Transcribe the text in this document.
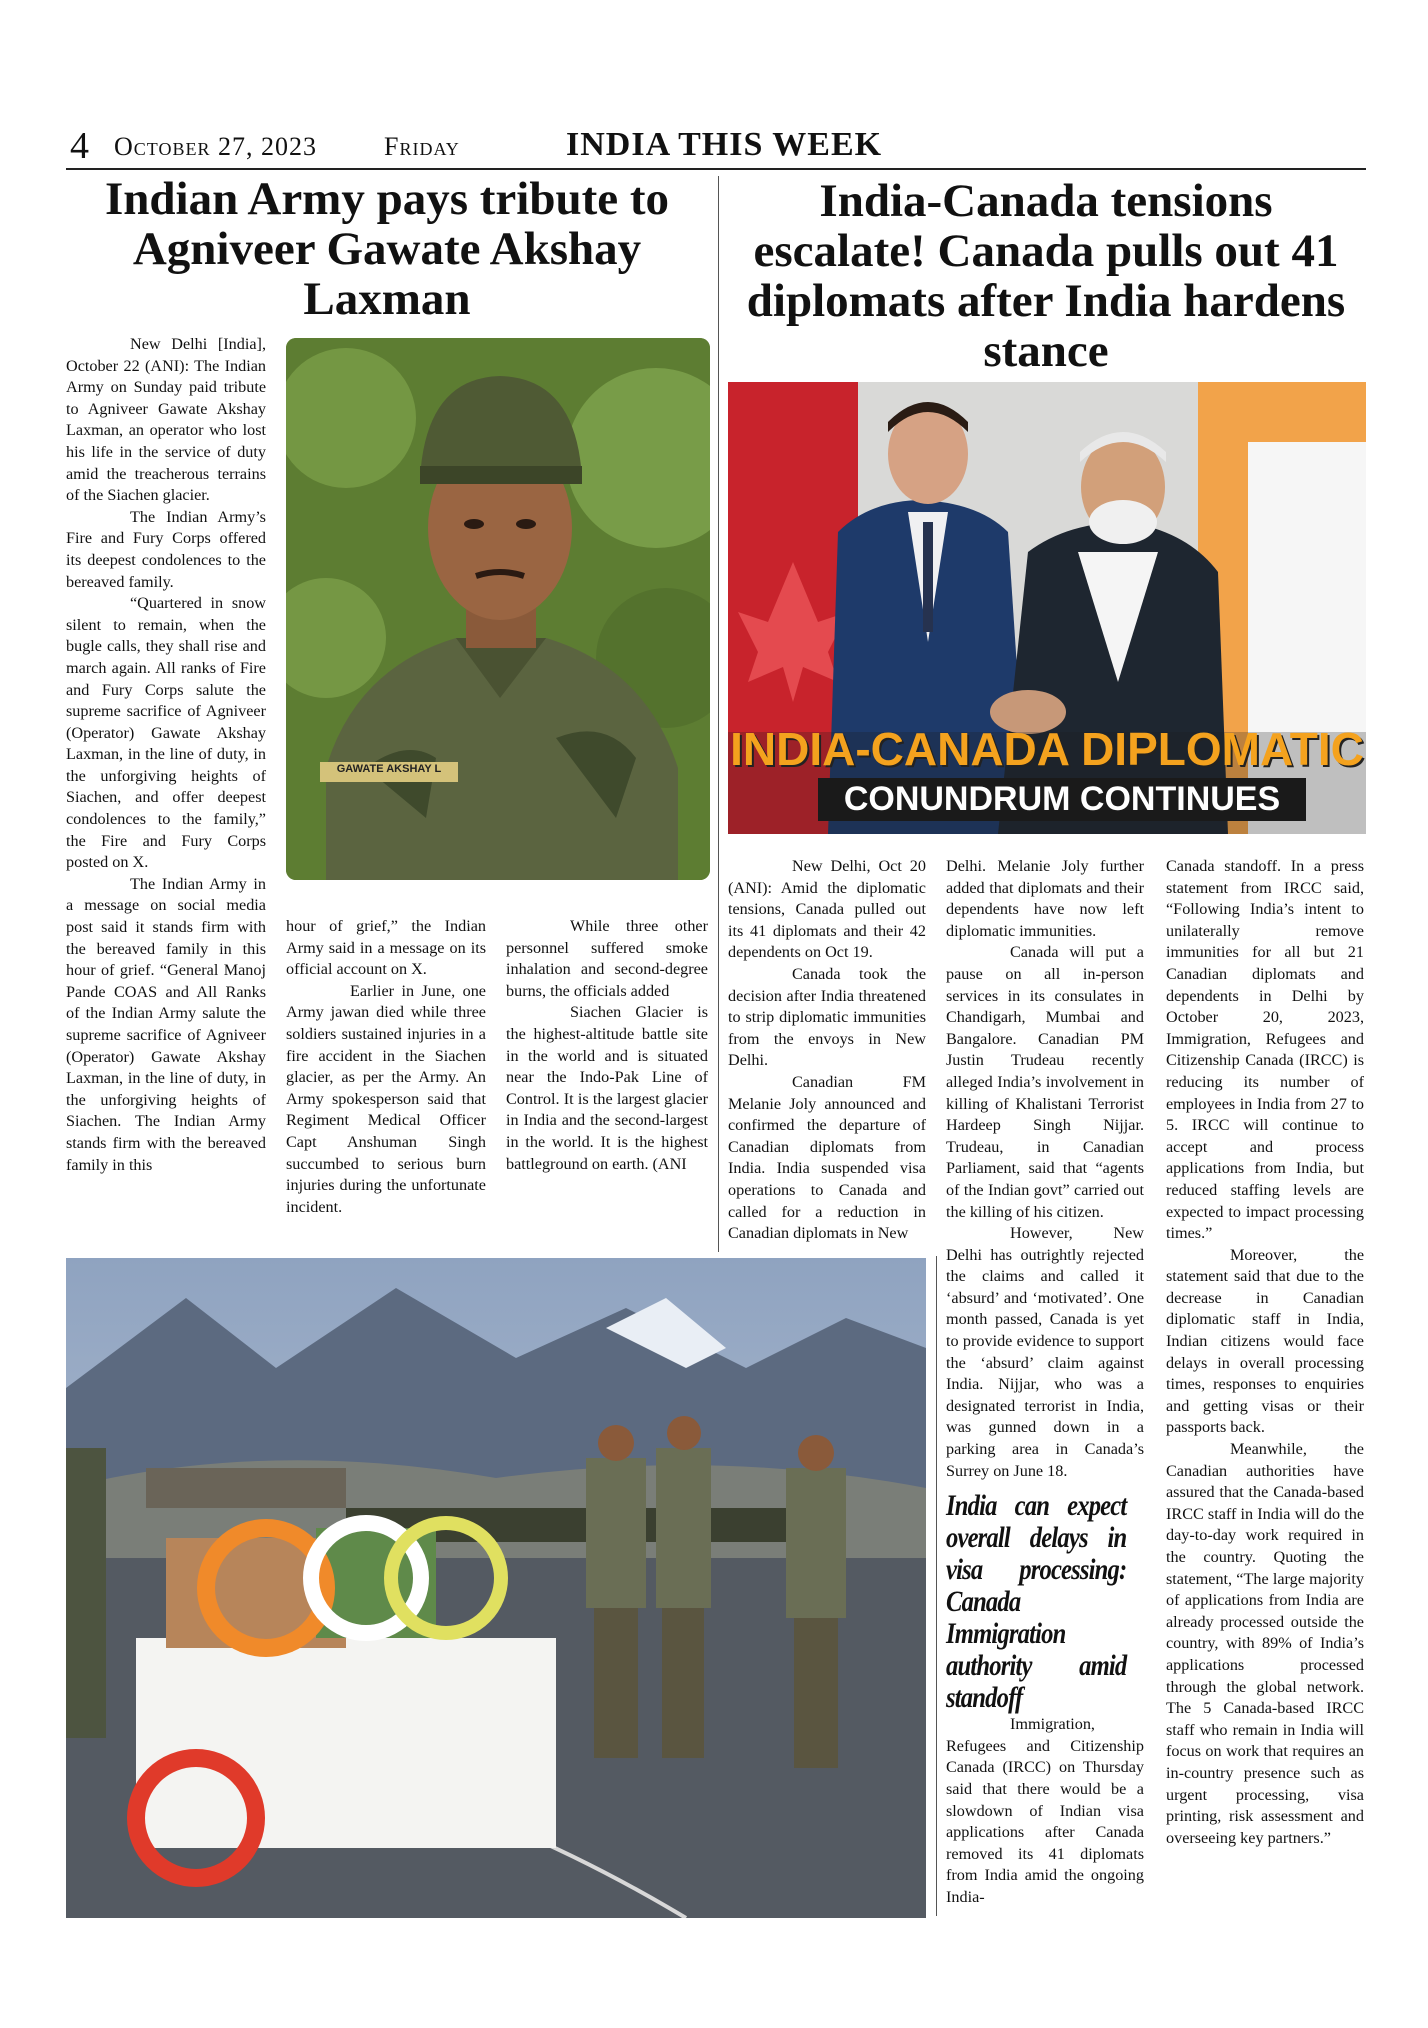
4 October 27, 2023	Friday	INDIA THIS WEEK
Indian Army pays tribute to Agniveer Gawate Akshay Laxman
GAWATE AKSHAY L

New Delhi [India], October 22 (ANI): The Indian Army on Sunday paid tribute to Agniveer Gawate Akshay Laxman, an operator who lost his life in the service of duty amid the treacherous terrains of the Siachen glacier.

The Indian Army’s Fire and Fury Corps offered its deepest condolences to the bereaved family.

“Quartered in snow silent to remain, when the bugle calls, they shall rise and march again. All ranks of Fire and Fury Corps salute the supreme sacrifice of Agniveer (Operator) Gawate Akshay Laxman, in the line of duty, in the unforgiving heights of Siachen, and offer deepest condolences to the family,” the Fire and Fury Corps posted on X.

The Indian Army in a message on social media post said it stands firm with the bereaved family in this hour of grief. “General Manoj Pande COAS and All Ranks of the Indian Army salute the supreme sacrifice of Agniveer (Operator) Gawate Akshay Laxman, in the line of duty, in the unforgiving heights of Siachen. The Indian Army stands firm with the bereaved family in this

hour of grief,” the Indian Army said in a message on its official account on X.

Earlier in June, one Army jawan died while three soldiers sustained injuries in a fire accident in the Siachen glacier, as per the Army. An Army spokesperson said that Regiment Medical Officer Capt Anshuman Singh succumbed to serious burn injuries during the unfortunate incident.

While three other personnel suffered smoke inhalation and second-degree burns, the officials added

Siachen Glacier is the highest-altitude battle site in the world and is situated near the Indo-Pak Line of Control. It is the largest glacier in India and the second-largest in the world. It is the highest battleground on earth. (ANI

India-Canada tensions escalate! Canada pulls out 41 diplomats after India hardens stance
INDIA-CANADA DIPLOMATIC
CONUNDRUM CONTINUES

New Delhi, Oct 20 (ANI): Amid the diplomatic tensions, Canada pulled out its 41 diplomats and their 42 dependents on Oct 19.

Canada took the decision after India threatened to strip diplomatic immunities from the envoys in New Delhi.

Canadian FM Melanie Joly announced and confirmed the departure of Canadian diplomats from India. India suspended visa operations to Canada and called for a reduction in Canadian diplomats in New

Delhi. Melanie Joly further added that diplomats and their dependents have now left diplomatic immunities.

Canada will put a pause on all in-person services in its consulates in Chandigarh, Mumbai and Bangalore. Canadian PM Justin Trudeau recently alleged India’s involvement in killing of Khalistani Terrorist Hardeep Singh Nijjar. Trudeau, in Canadian Parliament, said that “agents of the Indian govt” carried out the killing of his citizen.

However, New Delhi has outrightly rejected the claims and called it ‘absurd’ and ‘motivated’. One month passed, Canada is yet to provide evidence to support the ‘absurd’ claim against India. Nijjar, who was a designated terrorist in India, was gunned down in a parking area in Canada’s Surrey on June 18.

India can expect overall delays in visa processing: Canada Immigration authority amid standoff

Immigration, Refugees and Citizenship Canada (IRCC) on Thursday said that there would be a slowdown of Indian visa applications after Canada removed its 41 diplomats from India amid the ongoing India-

Canada standoff. In a press statement from IRCC said, “Following India’s intent to unilaterally remove immunities for all but 21 Canadian diplomats and dependents in Delhi by October 20, 2023, Immigration, Refugees and Citizenship Canada (IRCC) is reducing its number of employees in India from 27 to 5. IRCC will continue to accept and process applications from India, but reduced staffing levels are expected to impact processing times.”

Moreover, the statement said that due to the decrease in Canadian diplomatic staff in India, Indian citizens would face delays in overall processing times, responses to enquiries and getting visas or their passports back.

Meanwhile, the Canadian authorities have assured that the Canada-based IRCC staff in India will do the day-to-day work required in the country. Quoting the statement, “The large majority of applications from India are already processed outside the country, with 89% of India’s applications processed through the global network. The 5 Canada-based IRCC staff who remain in India will focus on work that requires an in-country presence such as urgent processing, visa printing, risk assessment and overseeing key partners.”
